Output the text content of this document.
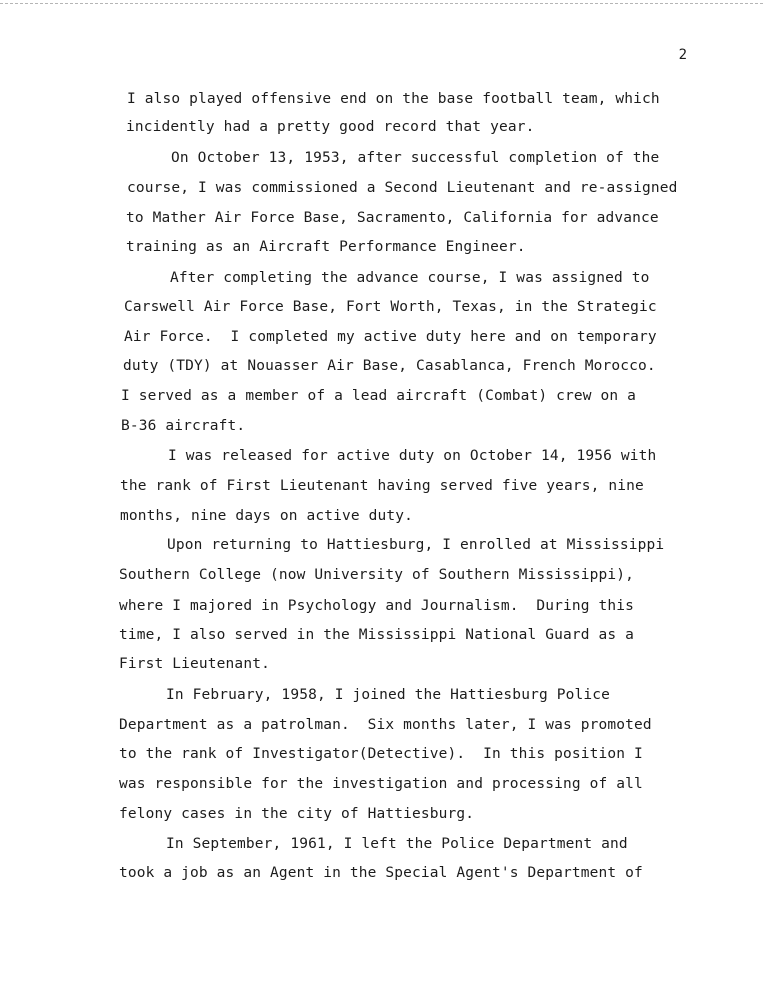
2
I also played offensive end on the base football team, which
incidently had a pretty good record that year.
On October 13, 1953, after successful completion of the
course, I was commissioned a Second Lieutenant and re-assigned
to Mather Air Force Base, Sacramento, California for advance
training as an Aircraft Performance Engineer.
After completing the advance course, I was assigned to
Carswell Air Force Base, Fort Worth, Texas, in the Strategic
Air Force.  I completed my active duty here and on temporary
duty (TDY) at Nouasser Air Base, Casablanca, French Morocco.
I served as a member of a lead aircraft (Combat) crew on a
B-36 aircraft.
I was released for active duty on October 14, 1956 with
the rank of First Lieutenant having served five years, nine
months, nine days on active duty.
Upon returning to Hattiesburg, I enrolled at Mississippi
Southern College (now University of Southern Mississippi),
where I majored in Psychology and Journalism.  During this
time, I also served in the Mississippi National Guard as a
First Lieutenant.
In February, 1958, I joined the Hattiesburg Police
Department as a patrolman.  Six months later, I was promoted
to the rank of Investigator(Detective).  In this position I
was responsible for the investigation and processing of all
felony cases in the city of Hattiesburg.
In September, 1961, I left the Police Department and
took a job as an Agent in the Special Agent's Department of
